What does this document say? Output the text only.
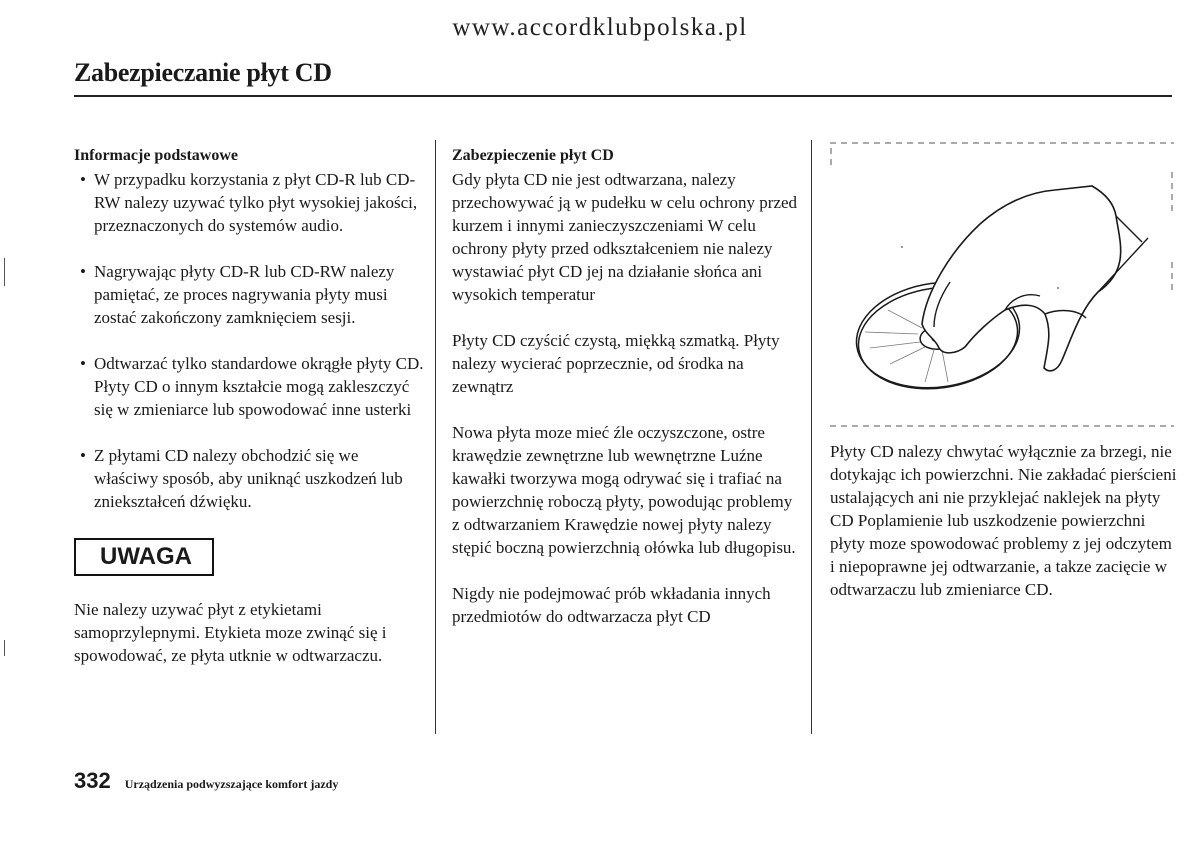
www.accordklubpolska.pl
Zabezpieczanie płyt CD
Informacje podstawowe
• W przypadku korzystania z płyt CD-R lub CD-RW nalezy uzywać tylko płyt wysokiej jakości, przeznaczonych do systemów audio.
• Nagrywając płyty CD-R lub CD-RW nalezy pamiętać, ze proces nagrywania płyty musi zostać zakończony zamknięciem sesji.
• Odtwarzać tylko standardowe okrągłe płyty CD. Płyty CD o innym kształcie mogą zakleszczyć się w zmieniarce lub spowodować inne usterki
• Z płytami CD nalezy obchodzić się we właściwy sposób, aby uniknąć uszkodzeń lub zniekształceń dźwięku.
UWAGA
Nie nalezy uzywać płyt z etykietami samoprzylepnymi. Etykieta moze zwinąć się i spowodować, ze płyta utknie w odtwarzaczu.
Zabezpieczenie płyt CD
Gdy płyta CD nie jest odtwarzana, nalezy przechowywać ją w pudełku w celu ochrony przed kurzem i innymi zanieczyszczeniami W celu ochrony płyty przed odkształceniem nie nalezy wystawiać płyt CD jej na działanie słońca ani wysokich temperatur
Płyty CD czyścić czystą, miękką szmatką. Płyty nalezy wycierać poprzecznie, od środka na zewnątrz
Nowa płyta moze mieć źle oczyszczone, ostre krawędzie zewnętrzne lub wewnętrzne Luźne kawałki tworzywa mogą odrywać się i trafiać na powierzchnię roboczą płyty, powodując problemy z odtwarzaniem Krawędzie nowej płyty nalezy stępić boczną powierzchnią ołówka lub długopisu.
Nigdy nie podejmować prób wkładania innych przedmiotów do odtwarzacza płyt CD
Płyty CD nalezy chwytać wyłącznie za brzegi, nie dotykając ich powierzchni. Nie zakładać pierścieni ustalających ani nie przyklejać naklejek na płyty CD Poplamienie lub uszkodzenie powierzchni płyty moze spowodować problemy z jej odczytem i niepoprawne jej odtwarzanie, a takze zacięcie w odtwarzaczu lub zmieniarce CD.
332 Urządzenia podwyzszające komfort jazdy
